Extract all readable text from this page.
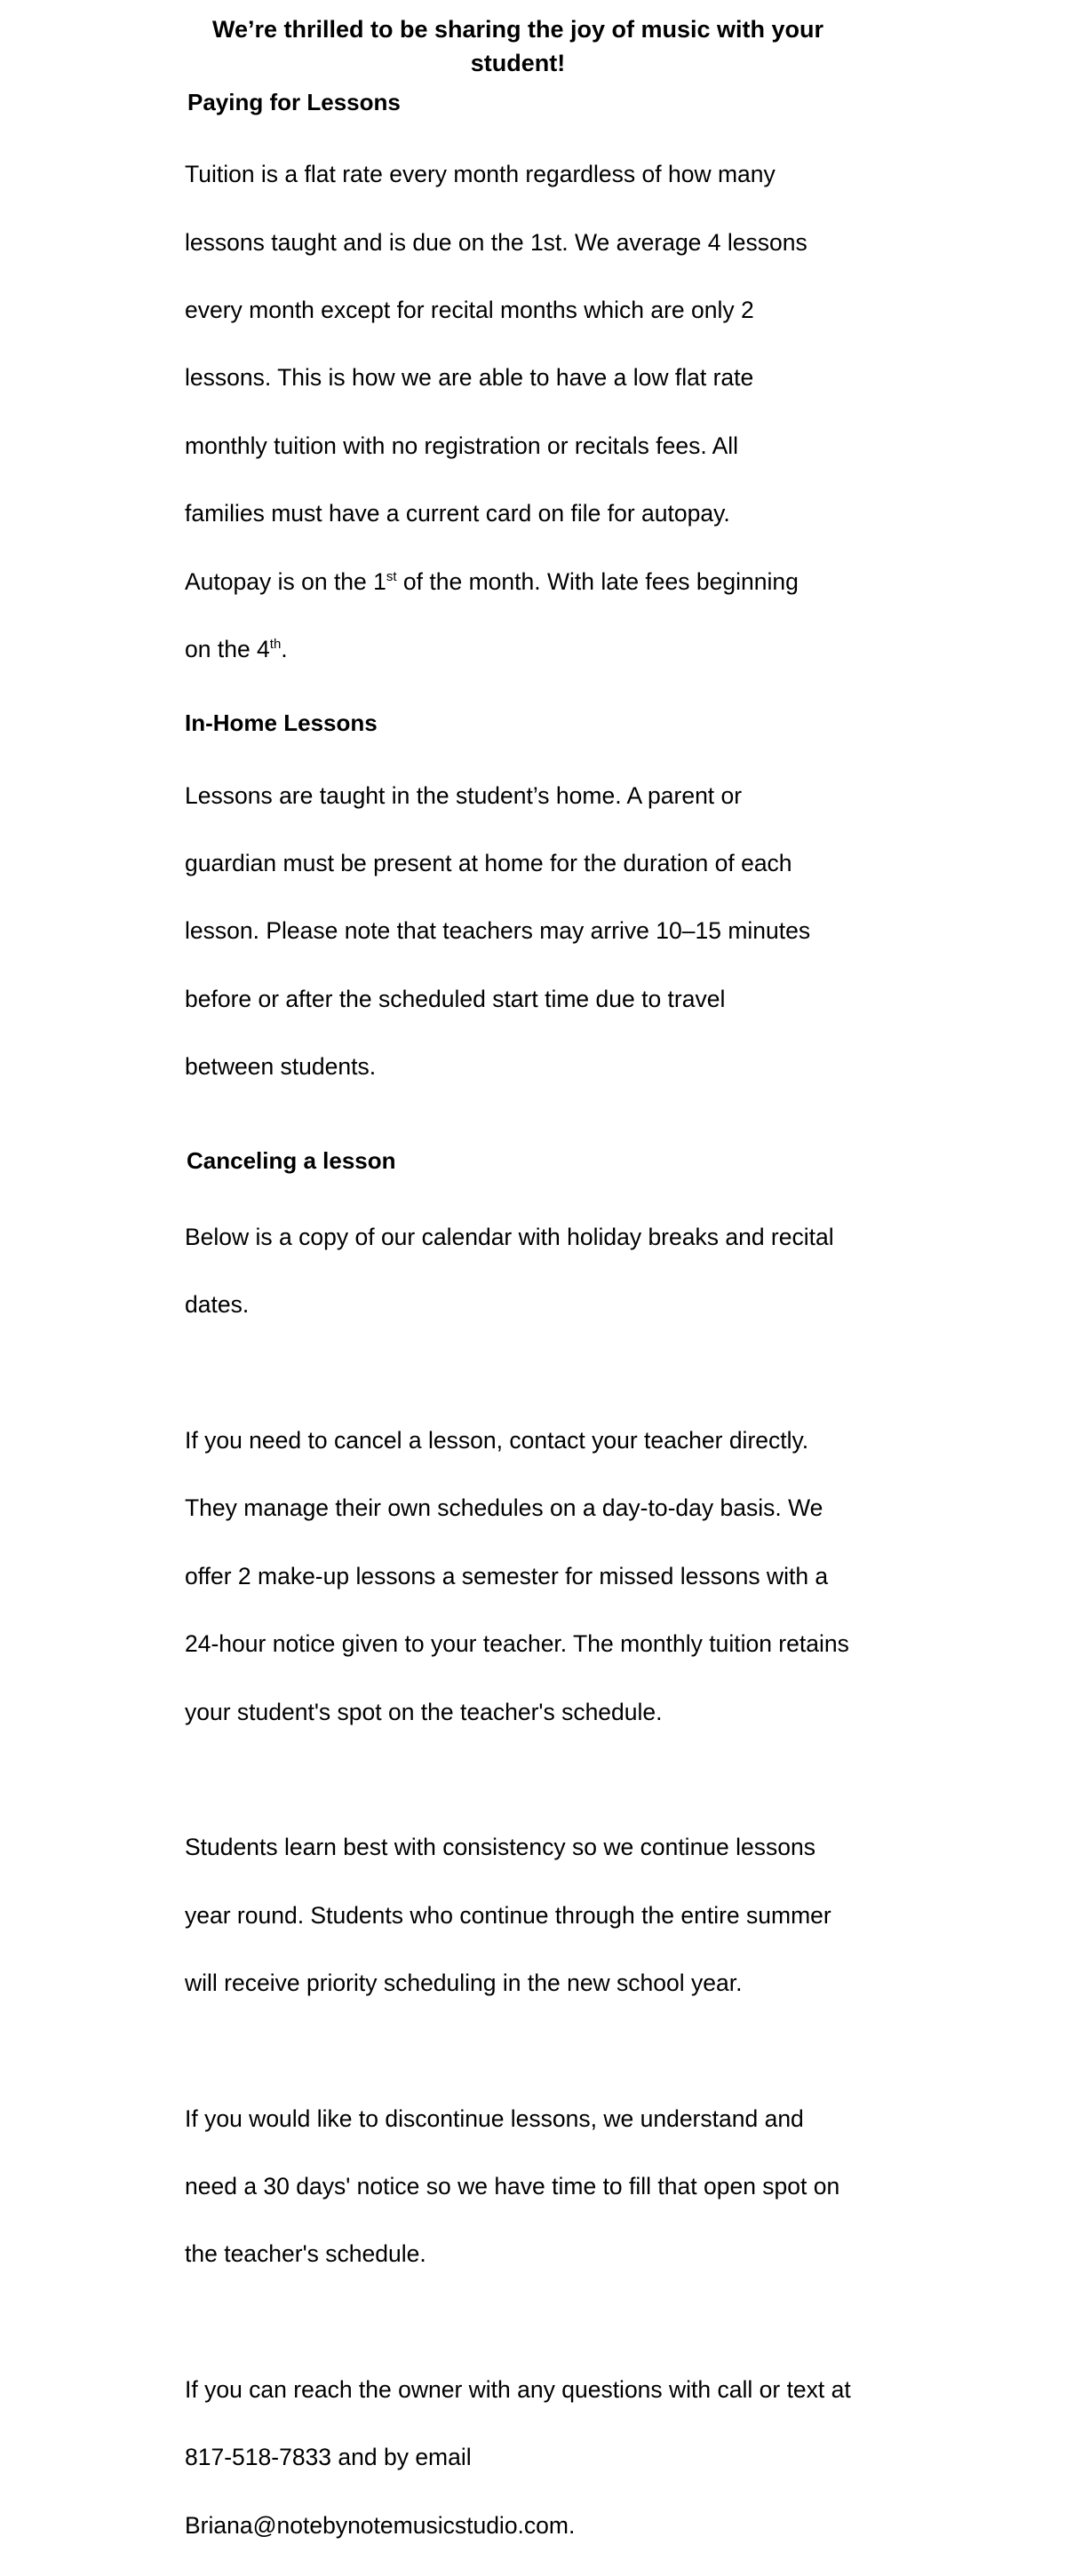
We’re thrilled to be sharing the joy of music with your
student!
Paying for Lessons

Tuition is a flat rate every month regardless of how many

lessons taught and is due on the 1st. We average 4 lessons

every month except for recital months which are only 2

lessons. This is how we are able to have a low flat rate

monthly tuition with no registration or recitals fees. All

families must have a current card on file for autopay.

Autopay is on the 1st of the month. With late fees beginning

on the 4th.

In-Home Lessons

Lessons are taught in the student’s home. A parent or

guardian must be present at home for the duration of each

lesson. Please note that teachers may arrive 10–15 minutes

before or after the scheduled start time due to travel

between students.

Canceling a lesson

Below is a copy of our calendar with holiday breaks and recital

dates.

If you need to cancel a lesson, contact your teacher directly.

They manage their own schedules on a day-to-day basis. We

offer 2 make-up lessons a semester for missed lessons with a

24-hour notice given to your teacher. The monthly tuition retains

your student's spot on the teacher's schedule.

Students learn best with consistency so we continue lessons

year round. Students who continue through the entire summer

will receive priority scheduling in the new school year.

If you would like to discontinue lessons, we understand and

need a 30 days' notice so we have time to fill that open spot on

the teacher's schedule.

If you can reach the owner with any questions with call or text at

817-518-7833 and by email

Briana@notebynotemusicstudio.com.
